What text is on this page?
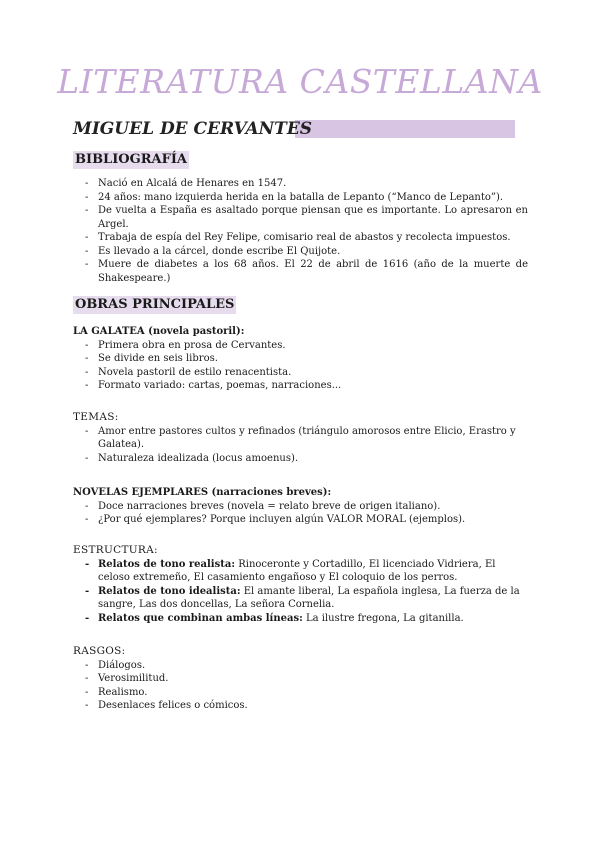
LITERATURA CASTELLANA
MIGUEL DE CERVANTES
BIBLIOGRAFÍA
- Nació en Alcalá de Henares en 1547.
- 24 años: mano izquierda herida en la batalla de Lepanto (“Manco de Lepanto”).
- De vuelta a España es asaltado porque piensan que es importante. Lo apresaron en Argel.
- Trabaja de espía del Rey Felipe, comisario real de abastos y recolecta impuestos.
- Es llevado a la cárcel, donde escribe El Quijote.
- Muere de diabetes a los 68 años. El 22 de abril de 1616 (año de la muerte de Shakespeare.)
OBRAS PRINCIPALES

LA GALATEA (novela pastoril):

- Primera obra en prosa de Cervantes.
- Se divide en seis libros.
- Novela pastoril de estilo renacentista.
- Formato variado: cartas, poemas, narraciones...

TEMAS:

- Amor entre pastores cultos y refinados (triángulo amorosos entre Elicio, Erastro y Galatea).
- Naturaleza idealizada (locus amoenus).

NOVELAS EJEMPLARES (narraciones breves):

- Doce narraciones breves (novela = relato breve de origen italiano).
- ¿Por qué ejemplares? Porque incluyen algún VALOR MORAL (ejemplos).

ESTRUCTURA:

- Relatos de tono realista: Rinoceronte y Cortadillo, El licenciado Vidriera, El celoso extremeño, El casamiento engañoso y El coloquio de los perros.
- Relatos de tono idealista: El amante liberal, La española inglesa, La fuerza de la sangre, Las dos doncellas, La señora Cornelia.
- Relatos que combinan ambas líneas: La ilustre fregona, La gitanilla.

RASGOS:

- Diálogos.
- Verosimilitud.
- Realismo.
- Desenlaces felices o cómicos.
